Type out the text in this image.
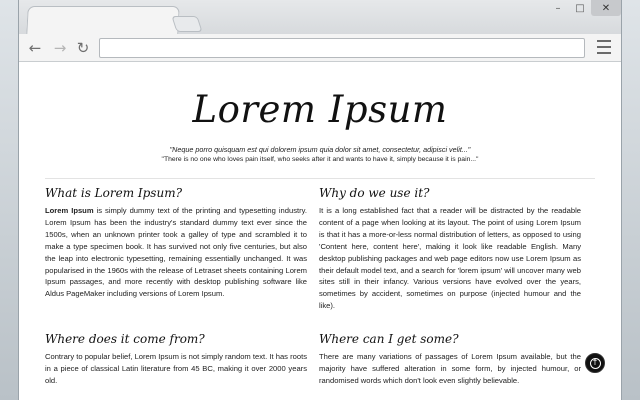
–	□	✕
← → ↻
Lorem Ipsum
"Neque porro quisquam est qui dolorem ipsum quia dolor sit amet, consectetur, adipisci velit..."
"There is no one who loves pain itself, who seeks after it and wants to have it, simply because it is pain..."
What is Lorem Ipsum?

Lorem Ipsum is simply dummy text of the printing and typesetting industry. Lorem Ipsum has been the industry's standard dummy text ever since the 1500s, when an unknown printer took a galley of type and scrambled it to make a type specimen book. It has survived not only five centuries, but also the leap into electronic typesetting, remaining essentially unchanged. It was popularised in the 1960s with the release of Letraset sheets containing Lorem Ipsum passages, and more recently with desktop publishing software like Aldus PageMaker including versions of Lorem Ipsum.

Why do we use it?

It is a long established fact that a reader will be distracted by the readable content of a page when looking at its layout. The point of using Lorem Ipsum is that it has a more-or-less normal distribution of letters, as opposed to using 'Content here, content here', making it look like readable English. Many desktop publishing packages and web page editors now use Lorem Ipsum as their default model text, and a search for 'lorem ipsum' will uncover many web sites still in their infancy. Various versions have evolved over the years, sometimes by accident, sometimes on purpose (injected humour and the like).

Where does it come from?

Contrary to popular belief, Lorem Ipsum is not simply random text. It has roots in a piece of classical Latin literature from 45 BC, making it over 2000 years old.

Where can I get some?

There are many variations of passages of Lorem Ipsum available, but the majority have suffered alteration in some form, by injected humour, or randomised words which don't look even slightly believable.

↑
